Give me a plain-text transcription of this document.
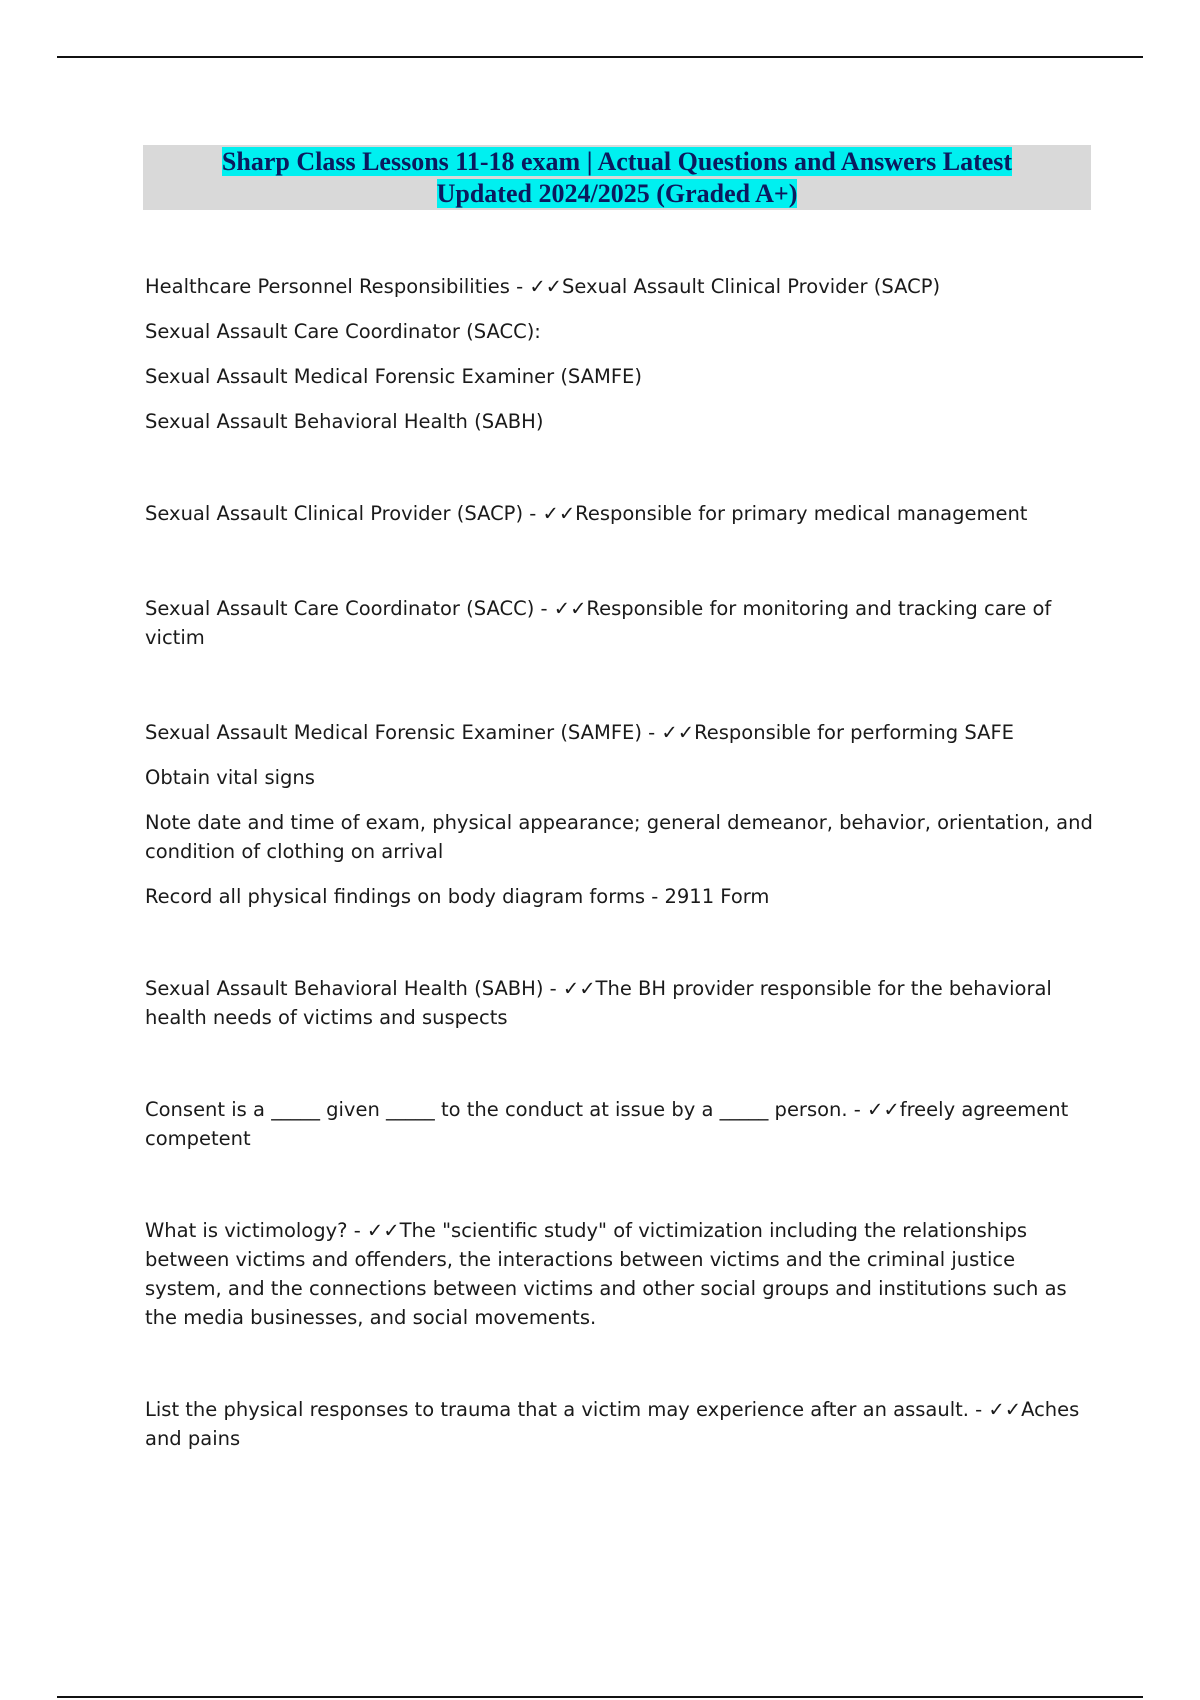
Sharp Class Lessons 11-18 exam | Actual Questions and Answers Latest Updated 2024/2025 (Graded A+)

Healthcare Personnel Responsibilities - ✓✓Sexual Assault Clinical Provider (SACP)

Sexual Assault Care Coordinator (SACC):

Sexual Assault Medical Forensic Examiner (SAMFE)

Sexual Assault Behavioral Health (SABH)

Sexual Assault Clinical Provider (SACP) - ✓✓Responsible for primary medical management

Sexual Assault Care Coordinator (SACC) - ✓✓Responsible for monitoring and tracking care of victim

Sexual Assault Medical Forensic Examiner (SAMFE) - ✓✓Responsible for performing SAFE

Obtain vital signs

Note date and time of exam, physical appearance; general demeanor, behavior, orientation, and condition of clothing on arrival

Record all physical findings on body diagram forms - 2911 Form

Sexual Assault Behavioral Health (SABH) - ✓✓The BH provider responsible for the behavioral health needs of victims and suspects

Consent is a _____ given _____ to the conduct at issue by a _____ person. - ✓✓freely agreement competent

What is victimology? - ✓✓The "scientific study" of victimization including the relationships between victims and offenders, the interactions between victims and the criminal justice system, and the connections between victims and other social groups and institutions such as the media businesses, and social movements.

List the physical responses to trauma that a victim may experience after an assault. - ✓✓Aches and pains
